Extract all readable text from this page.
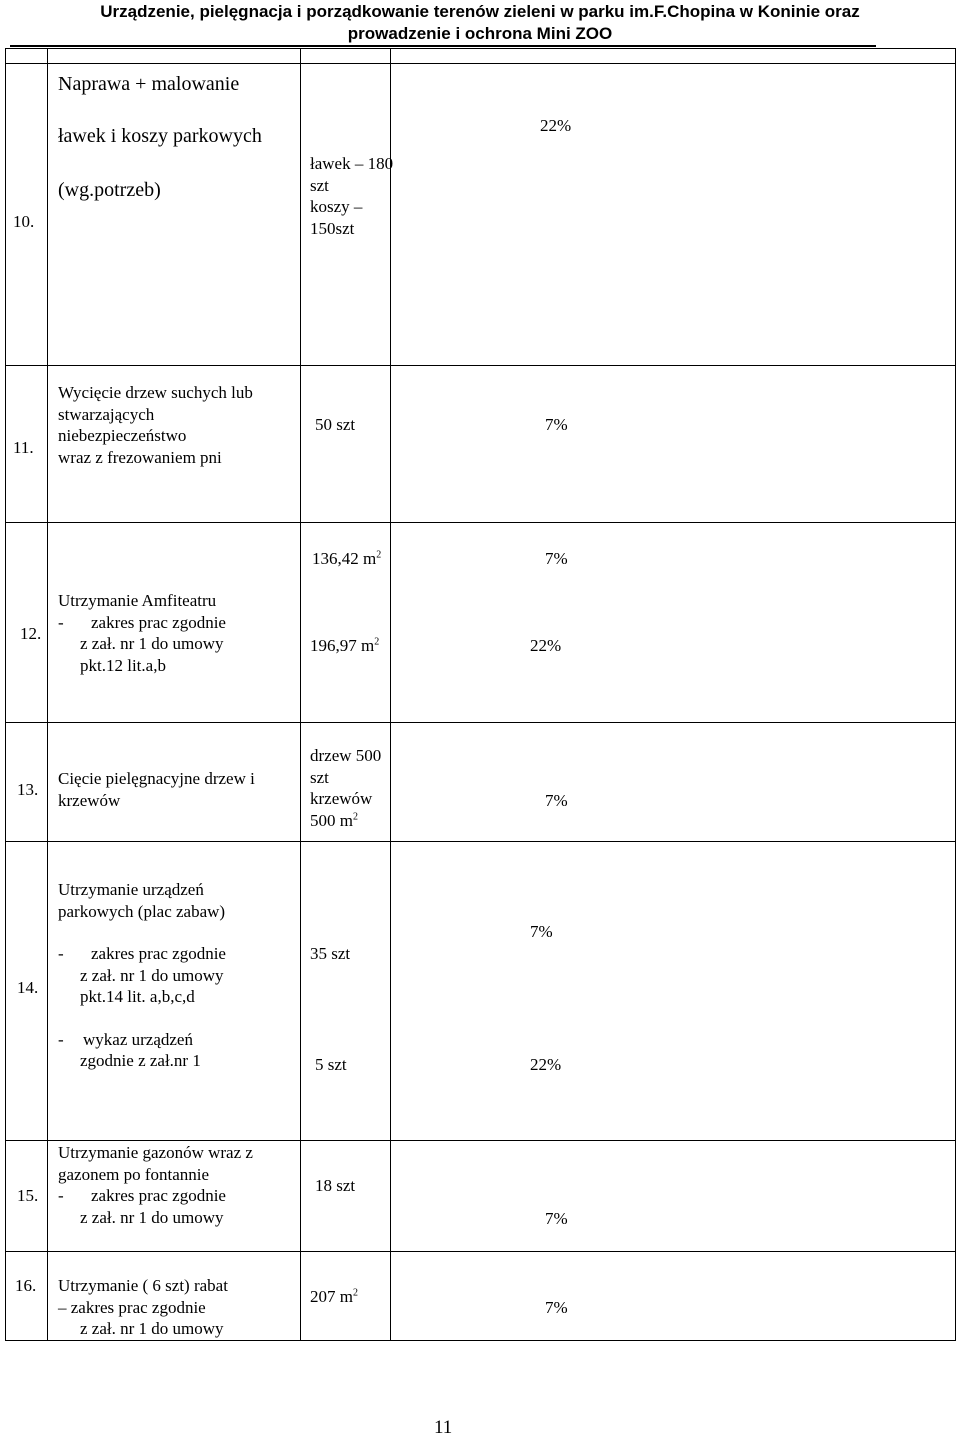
Urządzenie, pielęgnacja i porządkowanie terenów zieleni w parku im.F.Chopina w Koninie oraz
prowadzenie i ochrona Mini ZOO
10.
Naprawa + malowanie
ławek i koszy parkowych
(wg.potrzeb)
ławek – 180
szt
koszy –
150szt
22%
11.
Wycięcie drzew suchych lub
stwarzających
niebezpieczeństwo
wraz z frezowaniem pni
50 szt	7%
12.
Utrzymanie Amfiteatru
- zakres prac zgodnie
z zał. nr 1 do umowy
pkt.12 lit.a,b
136,42 $m^2$
196,97 $m^2$
7%
22%
13.
Cięcie pielęgnacyjne drzew i
krzewów
drzew 500
szt
krzewów
500 $m^2$
7%
14.
Utrzymanie urządzeń
parkowych (plac zabaw)
- zakres prac zgodnie
z zał. nr 1 do umowy
pkt.14 lit. a,b,c,d
- wykaz urządzeń
zgodnie z zał.nr 1
35 szt
5 szt
7%
22%
15.
Utrzymanie gazonów wraz z
gazonem po fontannie
- zakres prac zgodnie
z zał. nr 1 do umowy
18 szt
7%
16. Utrzymanie ( 6 szt) rabat
– zakres prac zgodnie
z zał. nr 1 do umowy
207 $m^2$
7%
11
